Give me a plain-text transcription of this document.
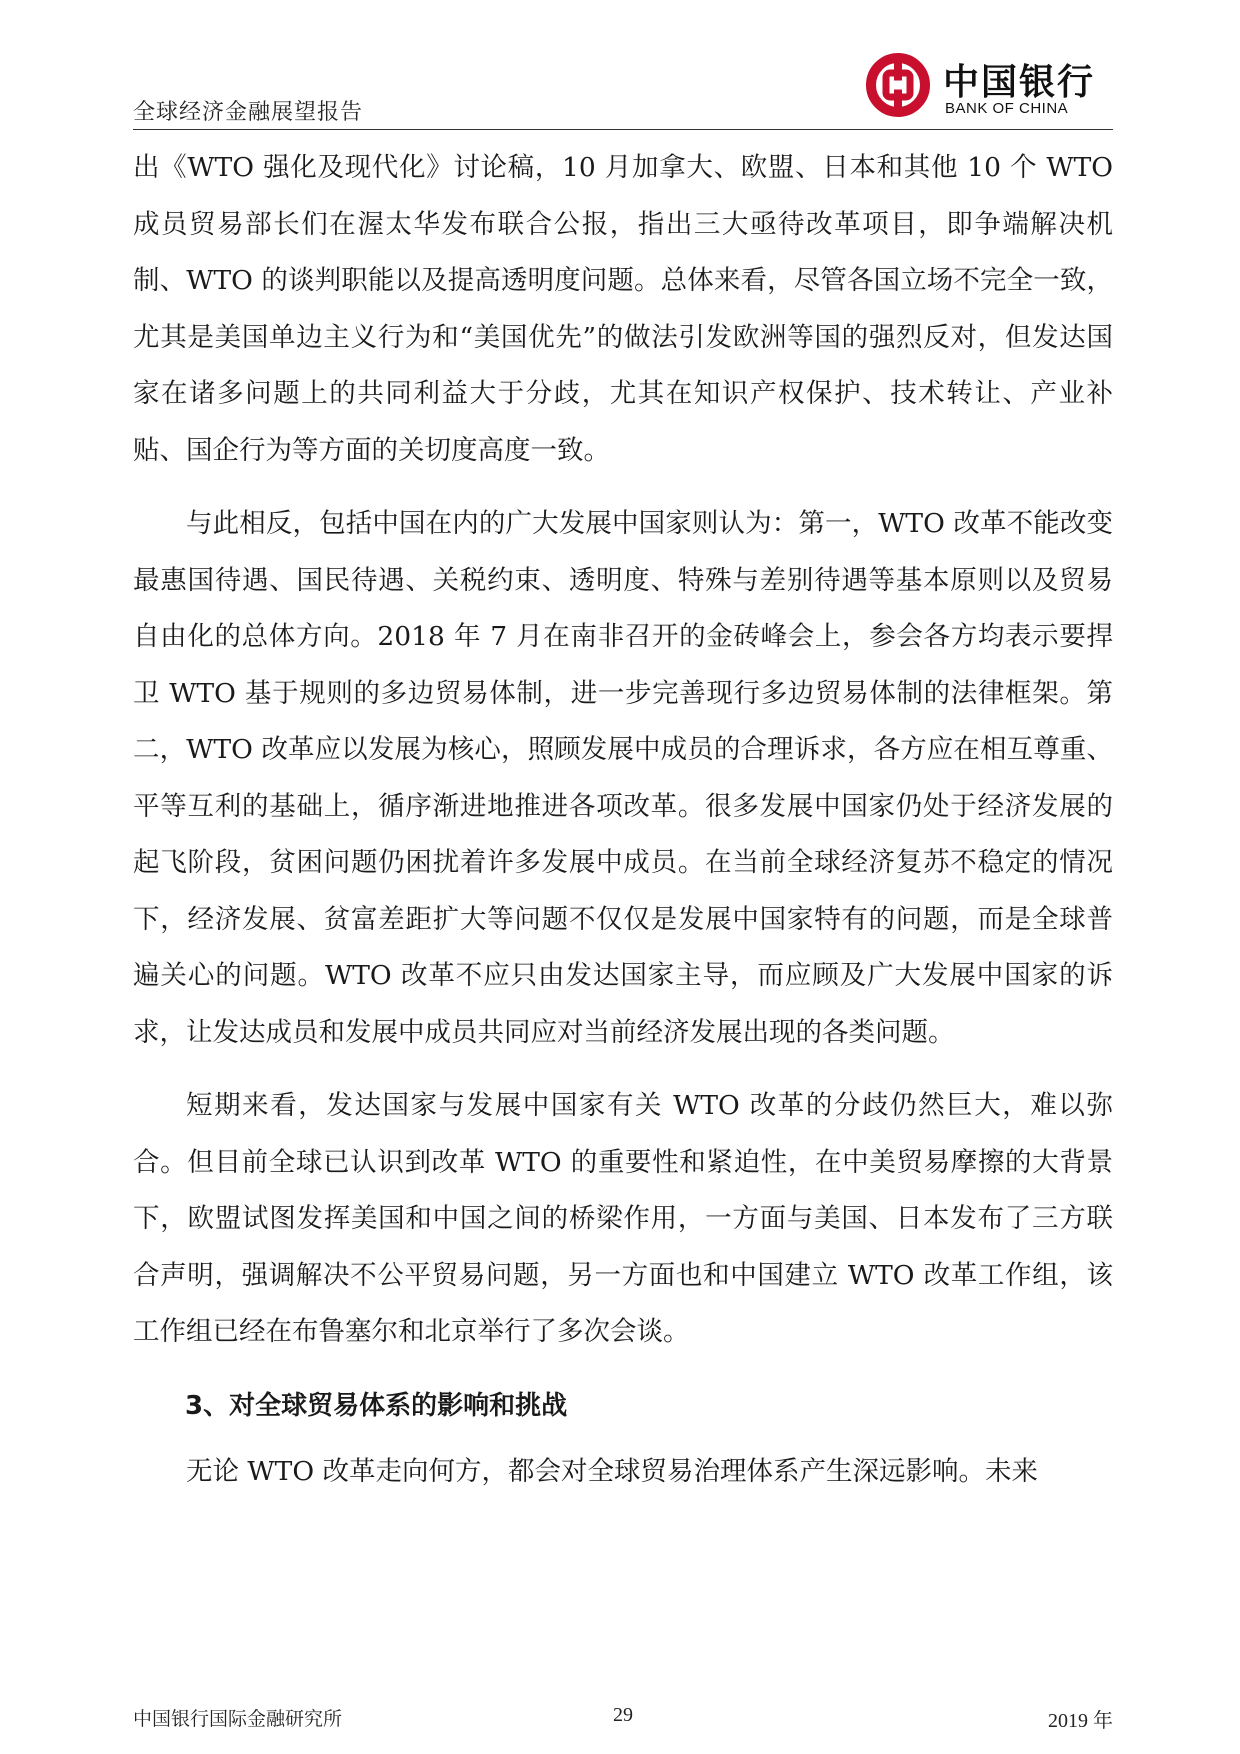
全球经济金融展望报告
中国银行
BANK OF CHINA

出《WTO 强化及现代化》讨论稿，10 月加拿大、欧盟、日本和其他 10 个 WTO 成员贸易部长们在渥太华发布联合公报，指出三大亟待改革项目，即争端解决机制、WTO 的谈判职能以及提高透明度问题。总体来看，尽管各国立场不完全一致，尤其是美国单边主义行为和“美国优先”的做法引发欧洲等国的强烈反对，但发达国家在诸多问题上的共同利益大于分歧，尤其在知识产权保护、技术转让、产业补贴、国企行为等方面的关切度高度一致。

与此相反，包括中国在内的广大发展中国家则认为：第一，WTO 改革不能改变最惠国待遇、国民待遇、关税约束、透明度、特殊与差别待遇等基本原则以及贸易自由化的总体方向。2018 年 7 月在南非召开的金砖峰会上，参会各方均表示要捍卫 WTO 基于规则的多边贸易体制，进一步完善现行多边贸易体制的法律框架。第二，WTO 改革应以发展为核心，照顾发展中成员的合理诉求，各方应在相互尊重、平等互利的基础上，循序渐进地推进各项改革。很多发展中国家仍处于经济发展的起飞阶段，贫困问题仍困扰着许多发展中成员。在当前全球经济复苏不稳定的情况下，经济发展、贫富差距扩大等问题不仅仅是发展中国家特有的问题，而是全球普遍关心的问题。WTO 改革不应只由发达国家主导，而应顾及广大发展中国家的诉求，让发达成员和发展中成员共同应对当前经济发展出现的各类问题。

短期来看，发达国家与发展中国家有关 WTO 改革的分歧仍然巨大，难以弥合。但目前全球已认识到改革 WTO 的重要性和紧迫性，在中美贸易摩擦的大背景下，欧盟试图发挥美国和中国之间的桥梁作用，一方面与美国、日本发布了三方联合声明，强调解决不公平贸易问题，另一方面也和中国建立 WTO 改革工作组，该工作组已经在布鲁塞尔和北京举行了多次会谈。

3、对全球贸易体系的影响和挑战

无论 WTO 改革走向何方，都会对全球贸易治理体系产生深远影响。未来

中国银行国际金融研究所	29	2019 年
